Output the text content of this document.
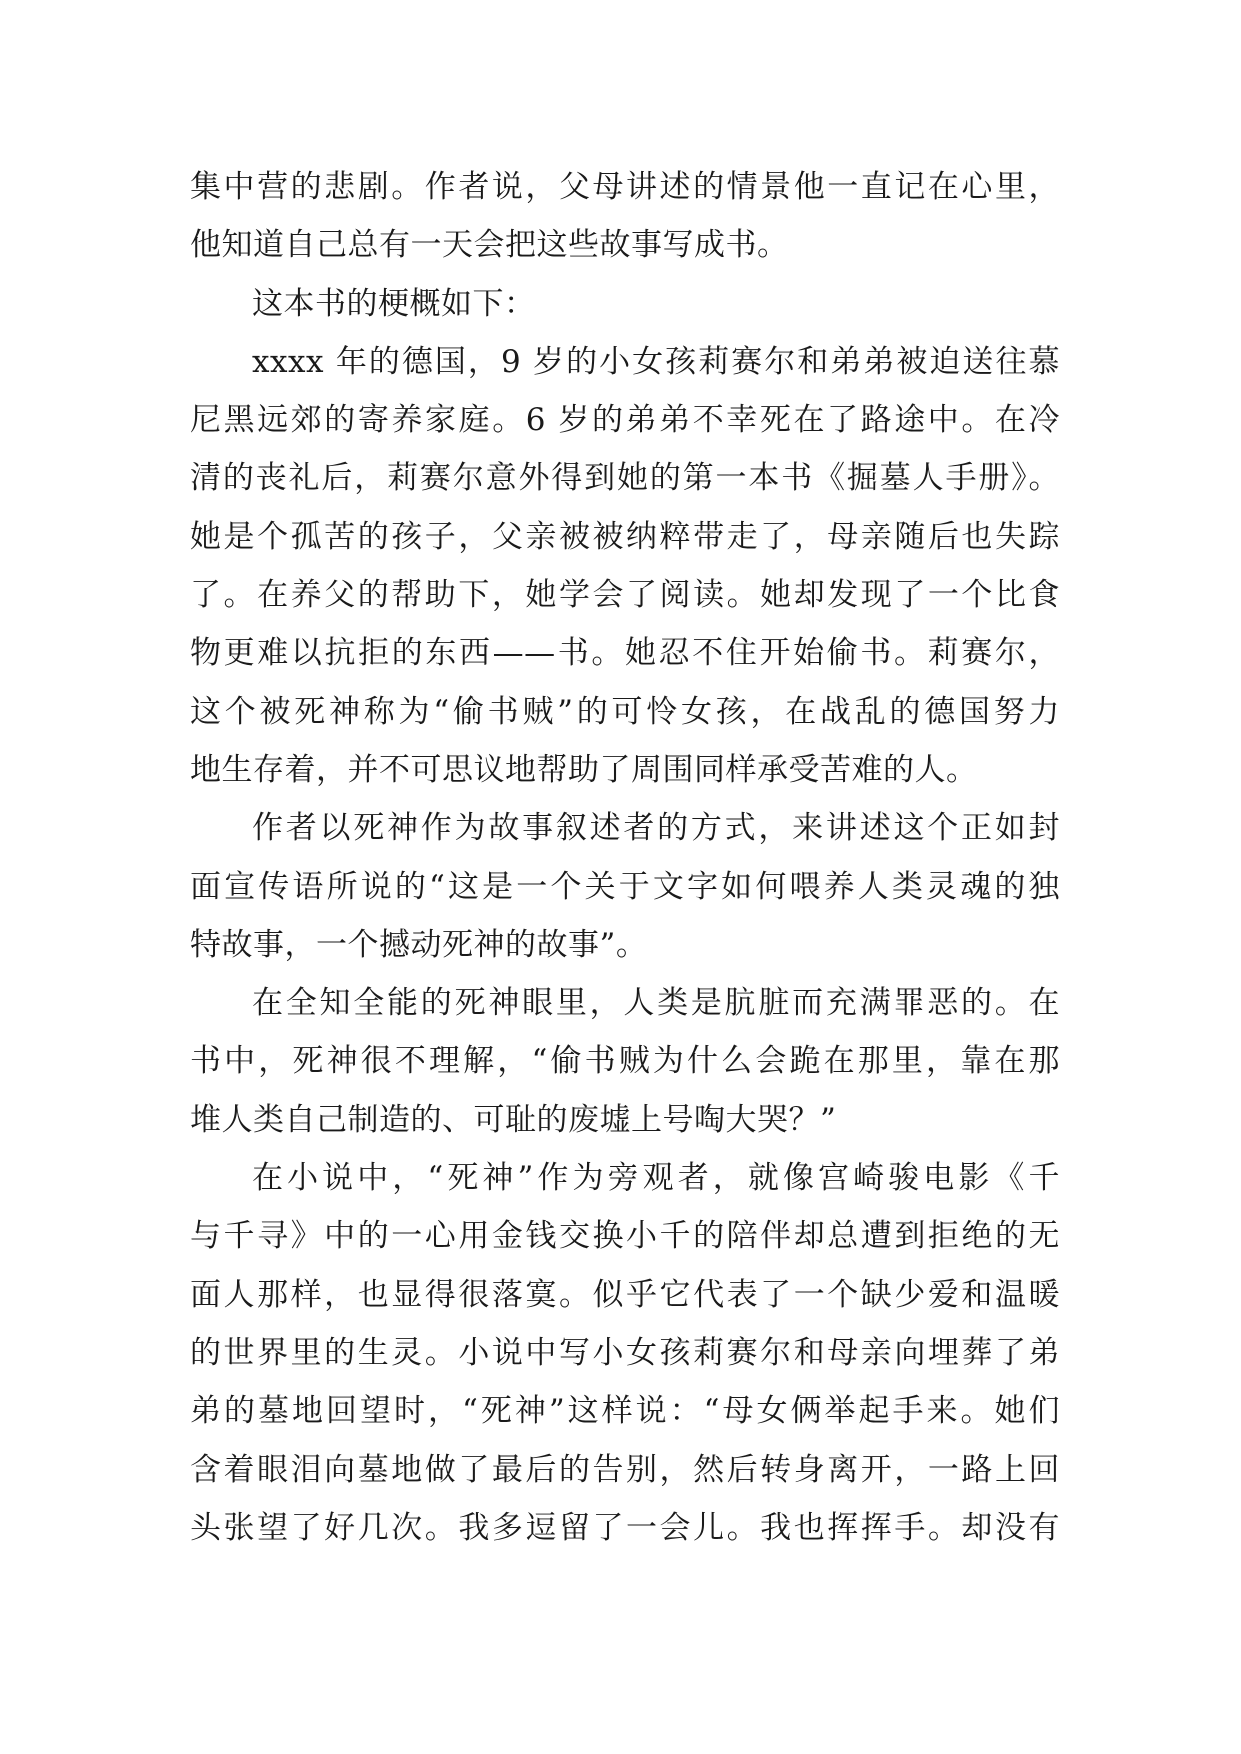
集中营的悲剧。作者说，父母讲述的情景他一直记在心里，
他知道自己总有一天会把这些故事写成书。
这本书的梗概如下：
xxxx 年的德国，9 岁的小女孩莉赛尔和弟弟被迫送往慕
尼黑远郊的寄养家庭。6 岁的弟弟不幸死在了路途中。在冷
清的丧礼后，莉赛尔意外得到她的第一本书《掘墓人手册》。
她是个孤苦的孩子，父亲被被纳粹带走了，母亲随后也失踪
了。在养父的帮助下，她学会了阅读。她却发现了一个比食
物更难以抗拒的东西——书。她忍不住开始偷书。莉赛尔，
这个被死神称为“偷书贼”的可怜女孩，在战乱的德国努力
地生存着，并不可思议地帮助了周围同样承受苦难的人。
作者以死神作为故事叙述者的方式，来讲述这个正如封
面宣传语所说的“这是一个关于文字如何喂养人类灵魂的独
特故事，一个撼动死神的故事”。
在全知全能的死神眼里，人类是肮脏而充满罪恶的。在
书中，死神很不理解，“偷书贼为什么会跪在那里，靠在那
堆人类自己制造的、可耻的废墟上号啕大哭？”
在小说中，“死神”作为旁观者，就像宫崎骏电影《千
与千寻》中的一心用金钱交换小千的陪伴却总遭到拒绝的无
面人那样，也显得很落寞。似乎它代表了一个缺少爱和温暖
的世界里的生灵。小说中写小女孩莉赛尔和母亲向埋葬了弟
弟的墓地回望时，“死神”这样说：“母女俩举起手来。她们
含着眼泪向墓地做了最后的告别，然后转身离开，一路上回
头张望了好几次。我多逗留了一会儿。我也挥挥手。却没有
